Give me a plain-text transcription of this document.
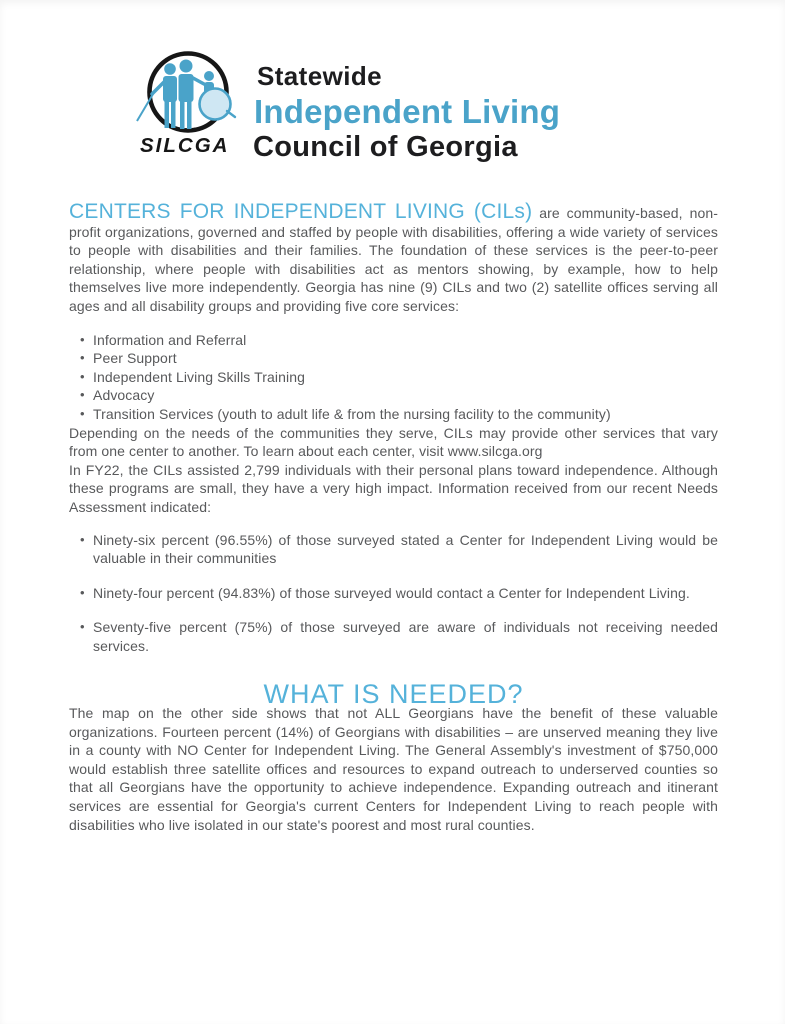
SILCGA
Statewide
Independent Living
Council of Georgia

CENTERS FOR INDEPENDENT LIVING (CILs) are community-based, non-profit organizations, governed and staffed by people with disabilities, offering a wide variety of services to people with disabilities and their families. The foundation of these services is the peer-to-peer relationship, where people with disabilities act as mentors showing, by example, how to help themselves live more independently. Georgia has nine (9) CILs and two (2) satellite offices serving all ages and all disability groups and providing five core services:

• Information and Referral
• Peer Support
• Independent Living Skills Training
• Advocacy
• Transition Services (youth to adult life & from the nursing facility to the community)

Depending on the needs of the communities they serve, CILs may provide other services that vary from one center to another. To learn about each center, visit www.silcga.org

In FY22, the CILs assisted 2,799 individuals with their personal plans toward independence. Although these programs are small, they have a very high impact. Information received from our recent Needs Assessment indicated:

• Ninety-six percent (96.55%) of those surveyed stated a Center for Independent Living would be valuable in their communities
• Ninety-four percent (94.83%) of those surveyed would contact a Center for Independent Living.
• Seventy-five percent (75%) of those surveyed are aware of individuals not receiving needed services.
WHAT IS NEEDED?

The map on the other side shows that not ALL Georgians have the benefit of these valuable organizations. Fourteen percent (14%) of Georgians with disabilities – are unserved meaning they live in a county with NO Center for Independent Living. The General Assembly's investment of $750,000 would establish three satellite offices and resources to expand outreach to underserved counties so that all Georgians have the opportunity to achieve independence. Expanding outreach and itinerant services are essential for Georgia's current Centers for Independent Living to reach people with disabilities who live isolated in our state's poorest and most rural counties.
